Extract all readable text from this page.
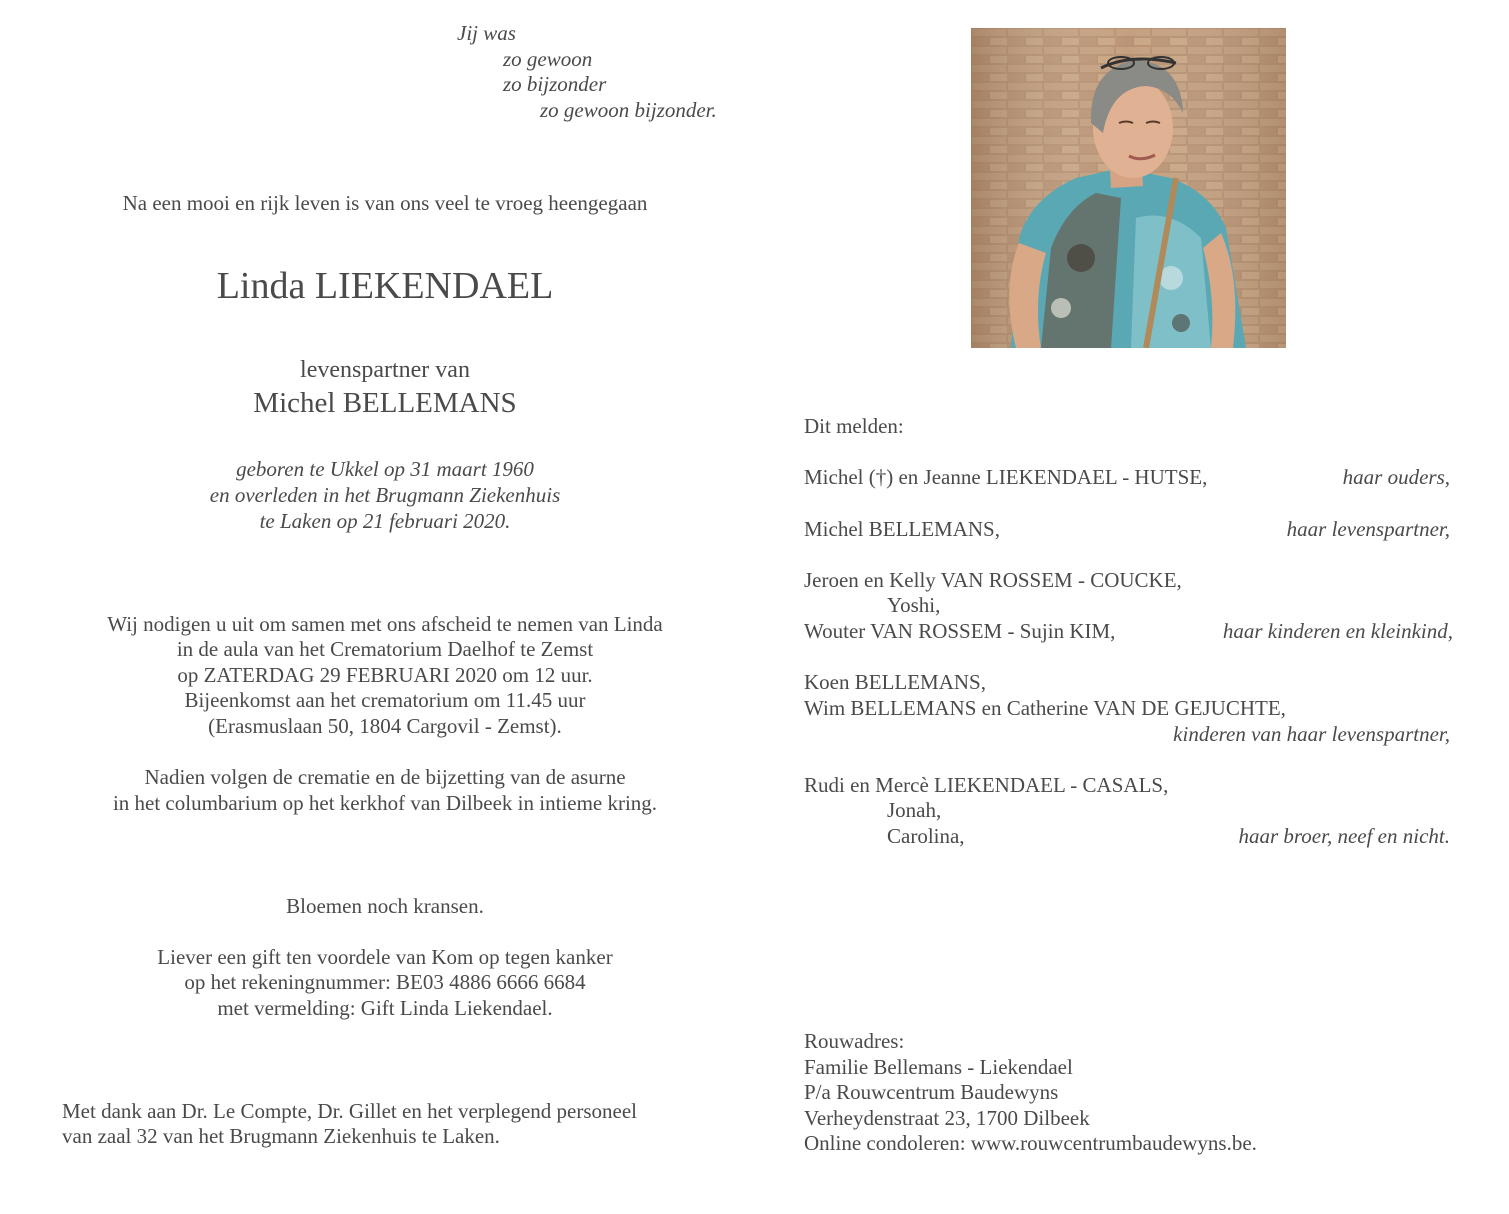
Jij was
zo gewoon
zo bijzonder
zo gewoon bijzonder.
Na een mooi en rijk leven is van ons veel te vroeg heengegaan
Linda LIEKENDAEL
levenspartner van
Michel BELLEMANS
geboren te Ukkel op 31 maart 1960
en overleden in het Brugmann Ziekenhuis
te Laken op 21 februari 2020.
Wij nodigen u uit om samen met ons afscheid te nemen van Linda
in de aula van het Crematorium Daelhof te Zemst
op ZATERDAG 29 FEBRUARI 2020 om 12 uur.
Bijeenkomst aan het crematorium om 11.45 uur
(Erasmuslaan 50, 1804 Cargovil - Zemst).
Nadien volgen de crematie en de bijzetting van de asurne
in het columbarium op het kerkhof van Dilbeek in intieme kring.
Bloemen noch kransen.
Liever een gift ten voordele van Kom op tegen kanker
op het rekeningnummer: BE03 4886 6666 6684
met vermelding: Gift Linda Liekendael.
Met dank aan Dr. Le Compte, Dr. Gillet en het verplegend personeel
van zaal 32 van het Brugmann Ziekenhuis te Laken.
Dit melden:
Michel (†) en Jeanne LIEKENDAEL - HUTSE,	haar ouders,
Michel BELLEMANS,	haar levenspartner,
Jeroen en Kelly VAN ROSSEM - COUCKE,
Yoshi,
Wouter VAN ROSSEM - Sujin KIM,	haar kinderen en kleinkind,
Koen BELLEMANS,
Wim BELLEMANS en Catherine VAN DE GEJUCHTE,
kinderen van haar levenspartner,
Rudi en Mercè LIEKENDAEL - CASALS,
Jonah,
Carolina,	haar broer, neef en nicht.
Rouwadres:
Familie Bellemans - Liekendael
P/a Rouwcentrum Baudewyns
Verheydenstraat 23, 1700 Dilbeek
Online condoleren: www.rouwcentrumbaudewyns.be.
